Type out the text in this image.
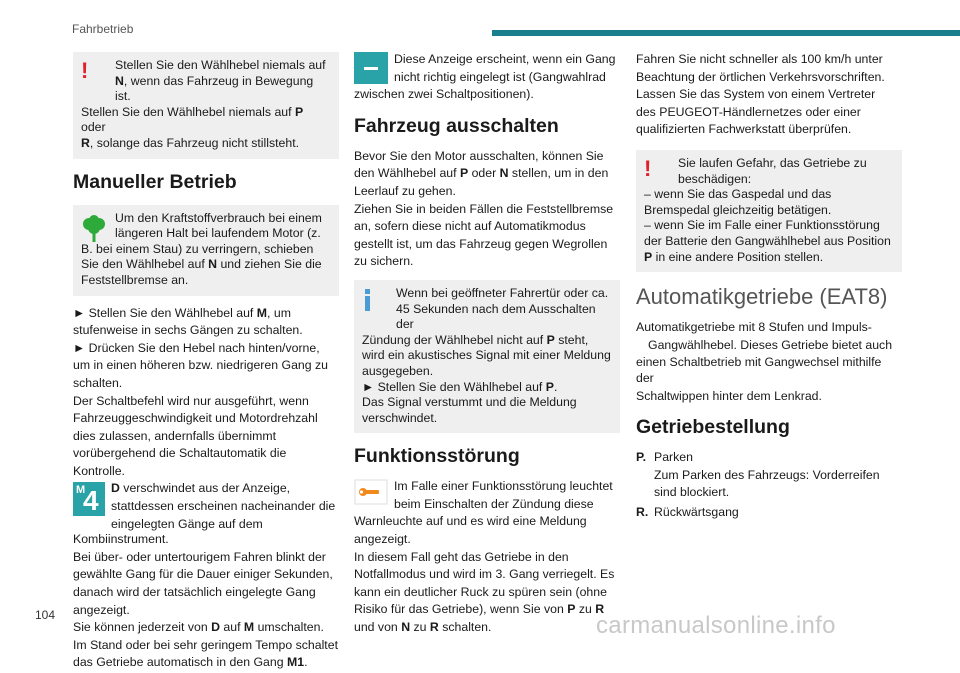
Fahrbetrieb
!	Stellen Sie den Wählhebel niemals auf
N, wenn das Fahrzeug in Bewegung ist.
Stellen Sie den Wählhebel niemals auf P oder
R, solange das Fahrzeug nicht stillsteht.
Manueller Betrieb
Um den Kraftstoffverbrauch bei einem
längeren Halt bei laufendem Motor (z.
B. bei einem Stau) zu verringern, schieben
Sie den Wählhebel auf N und ziehen Sie die
Feststellbremse an.

► Stellen Sie den Wählhebel auf M, um

stufenweise in sechs Gängen zu schalten.

► Drücken Sie den Hebel nach hinten/vorne,

um in einen höheren bzw. niedrigeren Gang zu

schalten.

Der Schaltbefehl wird nur ausgeführt, wenn

Fahrzeuggeschwindigkeit und Motordrehzahl

dies zulassen, andernfalls übernimmt

vorübergehend die Schaltautomatik die

Kontrolle.

M
4	D verschwindet aus der Anzeige,

stattdessen erscheinen nacheinander die

eingelegten Gänge auf dem Kombiinstrument.

Bei über- oder untertourigem Fahren blinkt der

gewählte Gang für die Dauer einiger Sekunden,

danach wird der tatsächlich eingelegte Gang

angezeigt.

Sie können jederzeit von D auf M umschalten.

Im Stand oder bei sehr geringem Tempo schaltet

das Getriebe automatisch in den Gang M1.

Diese Anzeige erscheint, wenn ein Gang

nicht richtig eingelegt ist (Gangwahlrad

zwischen zwei Schaltpositionen).

Fahrzeug ausschalten

Bevor Sie den Motor ausschalten, können Sie

den Wählhebel auf P oder N stellen, um in den

Leerlauf zu gehen.

Ziehen Sie in beiden Fällen die Feststellbremse

an, sofern diese nicht auf Automatikmodus

gestellt ist, um das Fahrzeug gegen Wegrollen

zu sichern.

Wenn bei geöffneter Fahrertür oder ca.
45 Sekunden nach dem Ausschalten der
Zündung der Wählhebel nicht auf P steht,
wird ein akustisches Signal mit einer Meldung
ausgegeben.
► Stellen Sie den Wählhebel auf P.
Das Signal verstummt und die Meldung
verschwindet.
Funktionsstörung

Im Falle einer Funktionsstörung leuchtet

beim Einschalten der Zündung diese

Warnleuchte auf und es wird eine Meldung

angezeigt.

In diesem Fall geht das Getriebe in den

Notfallmodus und wird im 3. Gang verriegelt. Es

kann ein deutlicher Ruck zu spüren sein (ohne

Risiko für das Getriebe), wenn Sie von P zu R

und von N zu R schalten.

Fahren Sie nicht schneller als 100 km/h unter

Beachtung der örtlichen Verkehrsvorschriften.

Lassen Sie das System von einem Vertreter

des PEUGEOT-Händlernetzes oder einer

qualifizierten Fachwerkstatt überprüfen.

!	Sie laufen Gefahr, das Getriebe zu
beschädigen:
– wenn Sie das Gaspedal und das
Bremspedal gleichzeitig betätigen.
– wenn Sie im Falle einer Funktionsstörung
der Batterie den Gangwählhebel aus Position
P in eine andere Position stellen.
Automatikgetriebe (EAT8)

Automatikgetriebe mit 8 Stufen und Impuls-

Gangwählhebel. Dieses Getriebe bietet auch

einen Schaltbetrieb mit Gangwechsel mithilfe der

Schaltwippen hinter dem Lenkrad.

Getriebestellung
P. Parken

Zum Parken des Fahrzeugs: Vorderreifen

sind blockiert.

R. Rückwärtsgang

104	carmanualsonline.info
